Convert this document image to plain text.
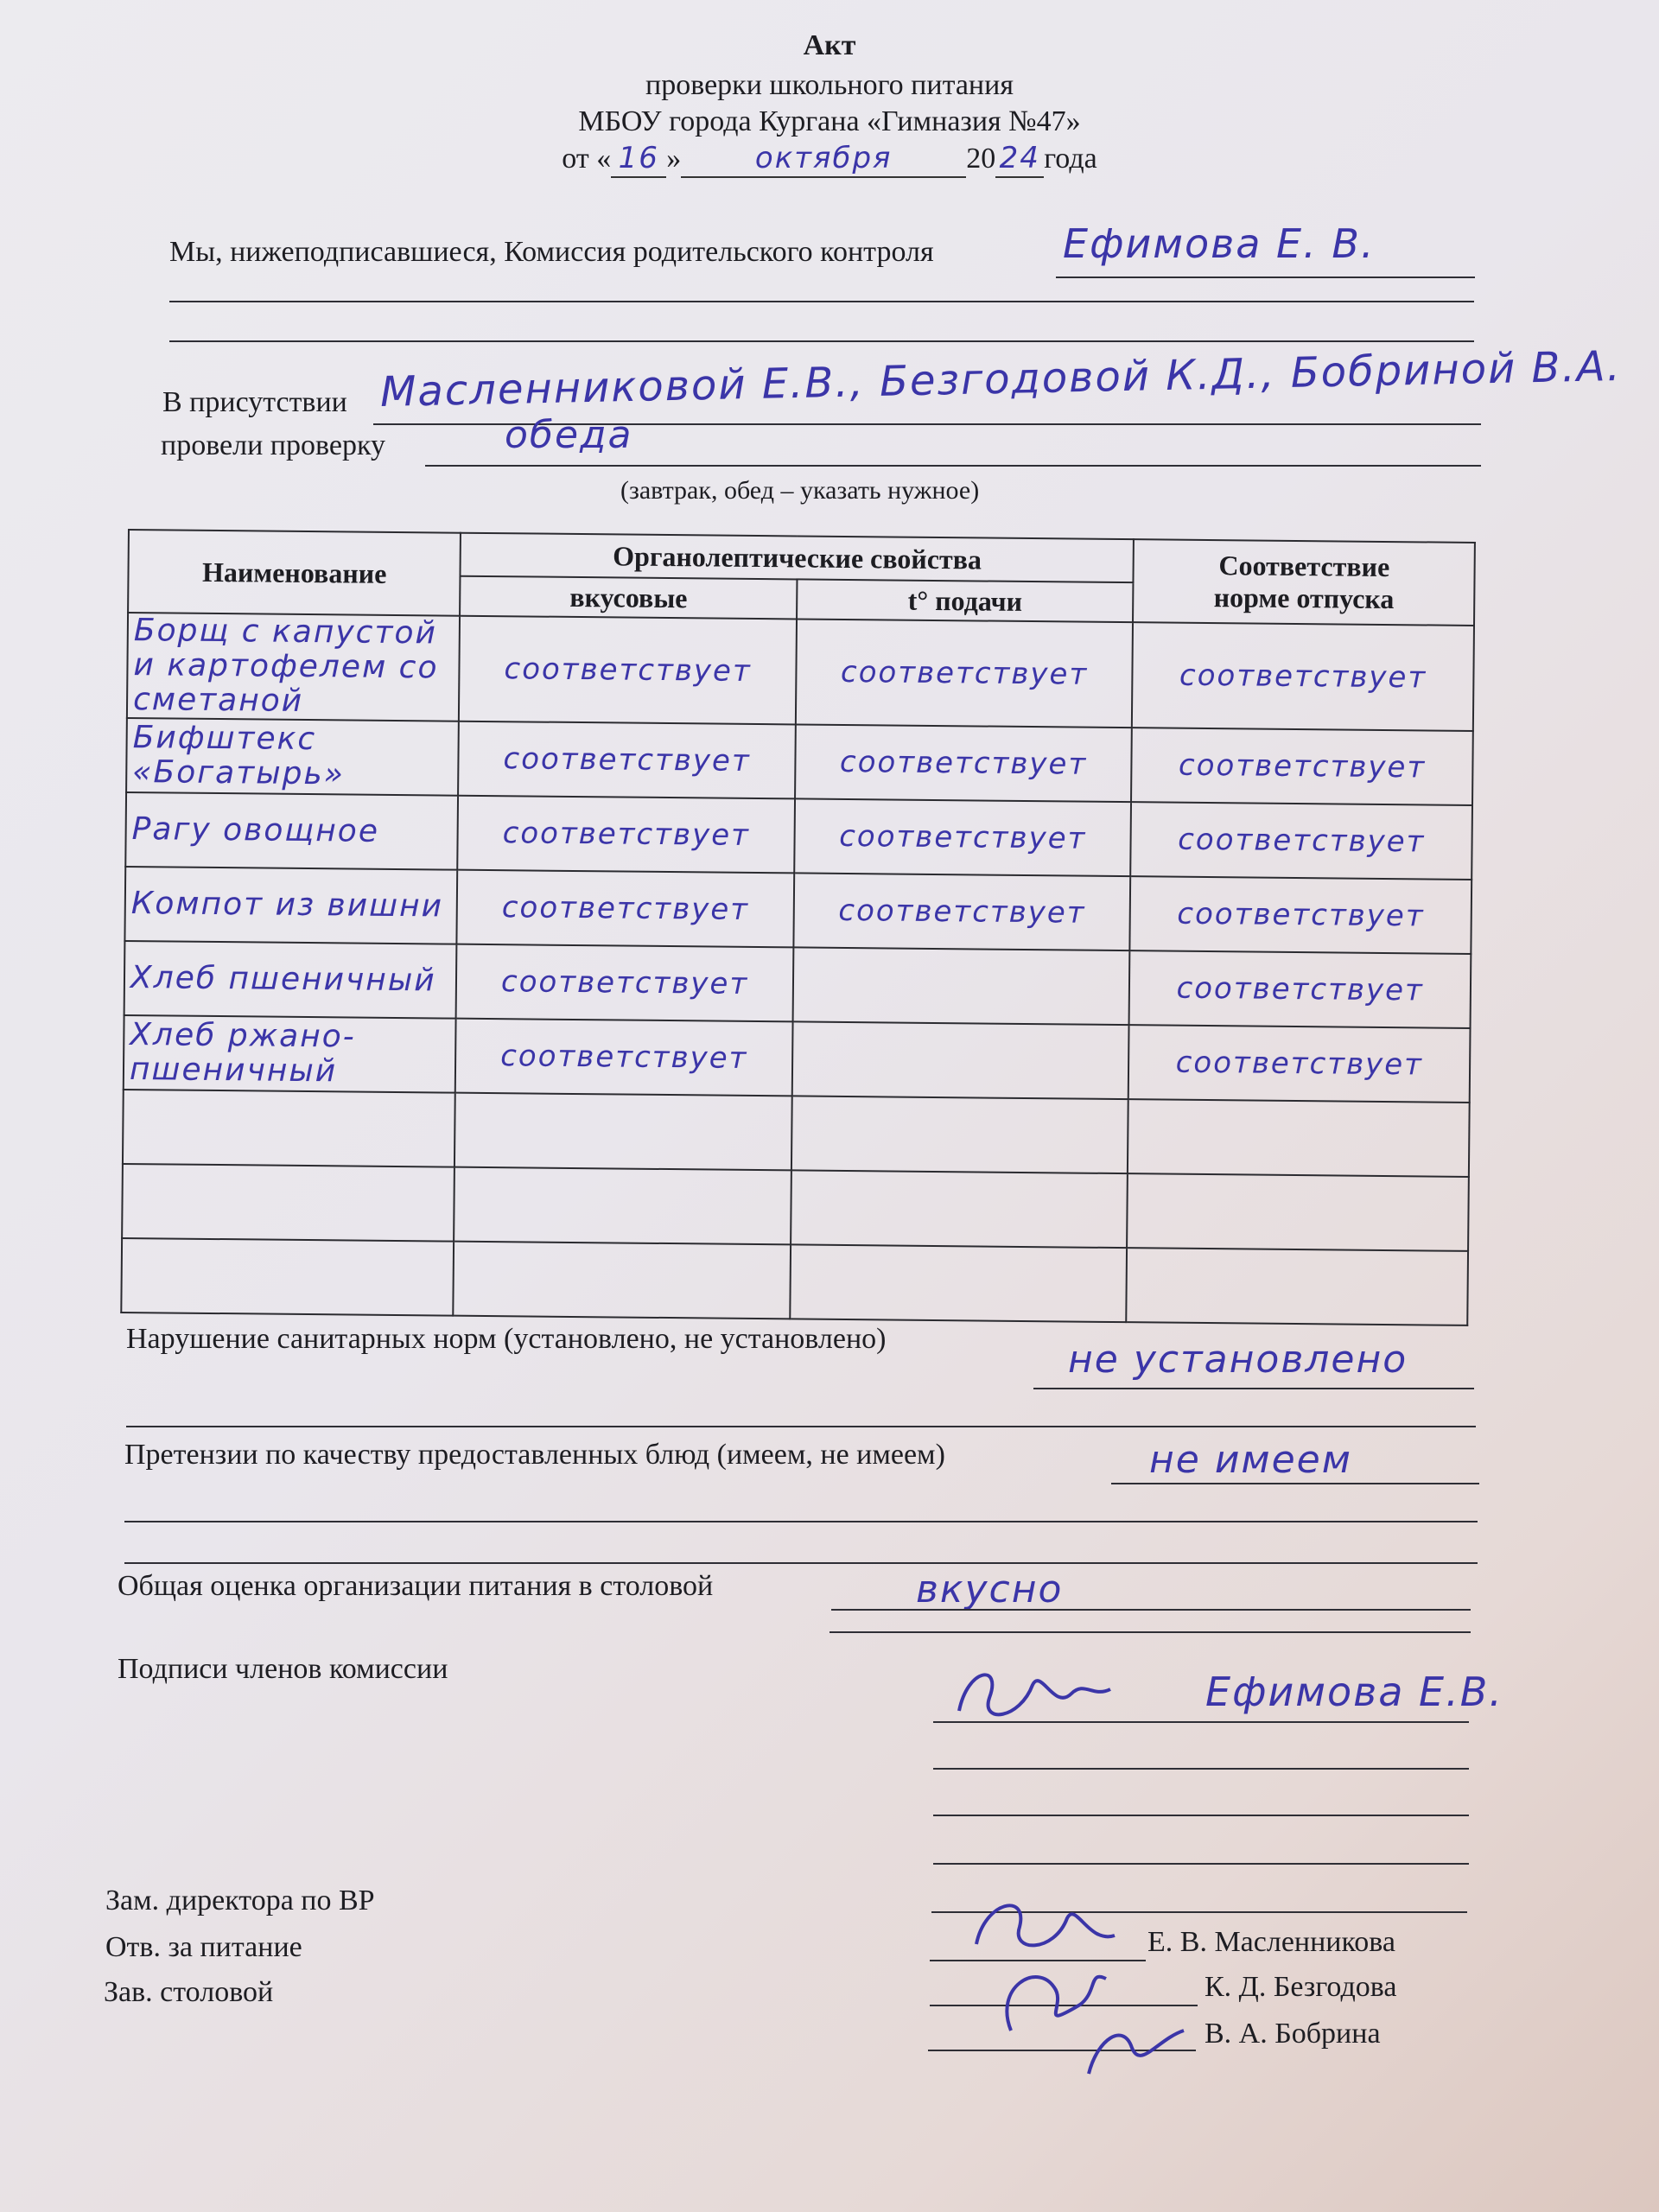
Акт
проверки школьного питания
МБОУ города Кургана «Гимназия №47»
от « 16 »	октября	20 24 года
Мы, нижеподписавшиеся, Комиссия родительского контроля	Ефимова Е. В.
В присутствии Масленниковой Е.В., Безгодовой К.Д., Бобриной В.А.
провели проверку	обеда
(завтрак, обед – указать нужное)
Наименование	Органолептические свойства		Соответствие
норме отпуска

	вкусовые	t° подачи	
Борщ с капустой и картофелем со сметаной	соответствует	соответствует	соответствует
Бифштекс «Богатырь»	соответствует	соответствует	соответствует
Рагу овощное	соответствует	соответствует	соответствует
Компот из вишни	соответствует	соответствует	соответствует
Хлеб пшеничный	соответствует		соответствует
Хлеб ржано-пшеничный	соответствует		соответствует

Нарушение санитарных норм (установлено, не установлено)	не установлено
Претензии по качеству предоставленных блюд (имеем, не имеем)	не имеем
Общая оценка организации питания в столовой	вкусно
Подписи членов комиссии	Ефимова Е.В.
Зам. директора по ВР
Отв. за питание
Зав. столовой
Е. В. Масленникова
К. Д. Безгодова
В. А. Бобрина
